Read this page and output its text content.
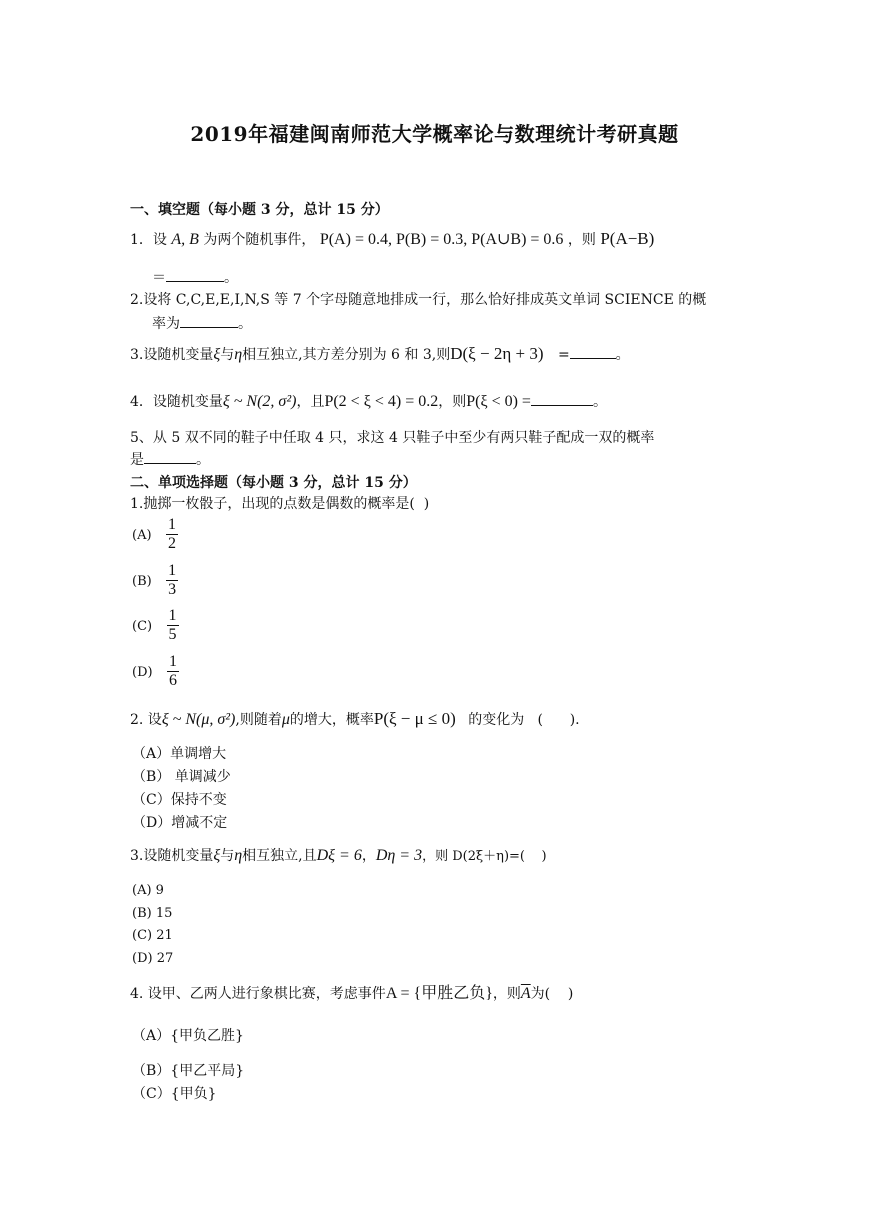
2019年福建闽南师范大学概率论与数理统计考研真题
一、填空题（每小题 3 分，总计 15 分）
1．设 A, B 为两个随机事件， P(A) = 0.4, P(B) = 0.3, P(A∪B) = 0.6 ，则 P(A−B)
＝	。
2.设将 C,C,E,E,I,N,S 等 7 个字母随意地排成一行，那么恰好排成英文单词 SCIENCE 的概
率为	。
3.设随机变量ξ与η相互独立,其方差分别为 6 和 3,则D(ξ − 2η + 3) =	。
4．设随机变量ξ ~ N(2, σ²)，且P(2 < ξ < 4) = 0.2，则P(ξ < 0) =	。
5、从 5 双不同的鞋子中任取 4 只，求这 4 只鞋子中至少有两只鞋子配成一双的概率
是	。
二、单项选择题（每小题 3 分，总计 15 分）
1.抛掷一枚骰子，出现的点数是偶数的概率是(  )
$(A) \frac{1}{2}$
$(B) \frac{1}{3}$
$(C) \frac{1}{5}$
$(D) \frac{1}{6}$
2. 设ξ ~ N(μ, σ²),则随着μ的增大，概率P(ξ − μ ≤ 0) 的变化为   (      ).
（A）单调增大
（B） 单调减少
（C）保持不变
（D）增减不定
3.设随机变量ξ与η相互独立,且Dξ = 6，Dη = 3，则 D(2ξ＋η)=(    )
(A) 9
(B) 15
(C) 21
(D) 27
4. 设甲、乙两人进行象棋比赛，考虑事件A = {甲胜乙负}，则$\overline{A}$为(    )
（A）{甲负乙胜}
（B）{甲乙平局}
（C）{甲负}
